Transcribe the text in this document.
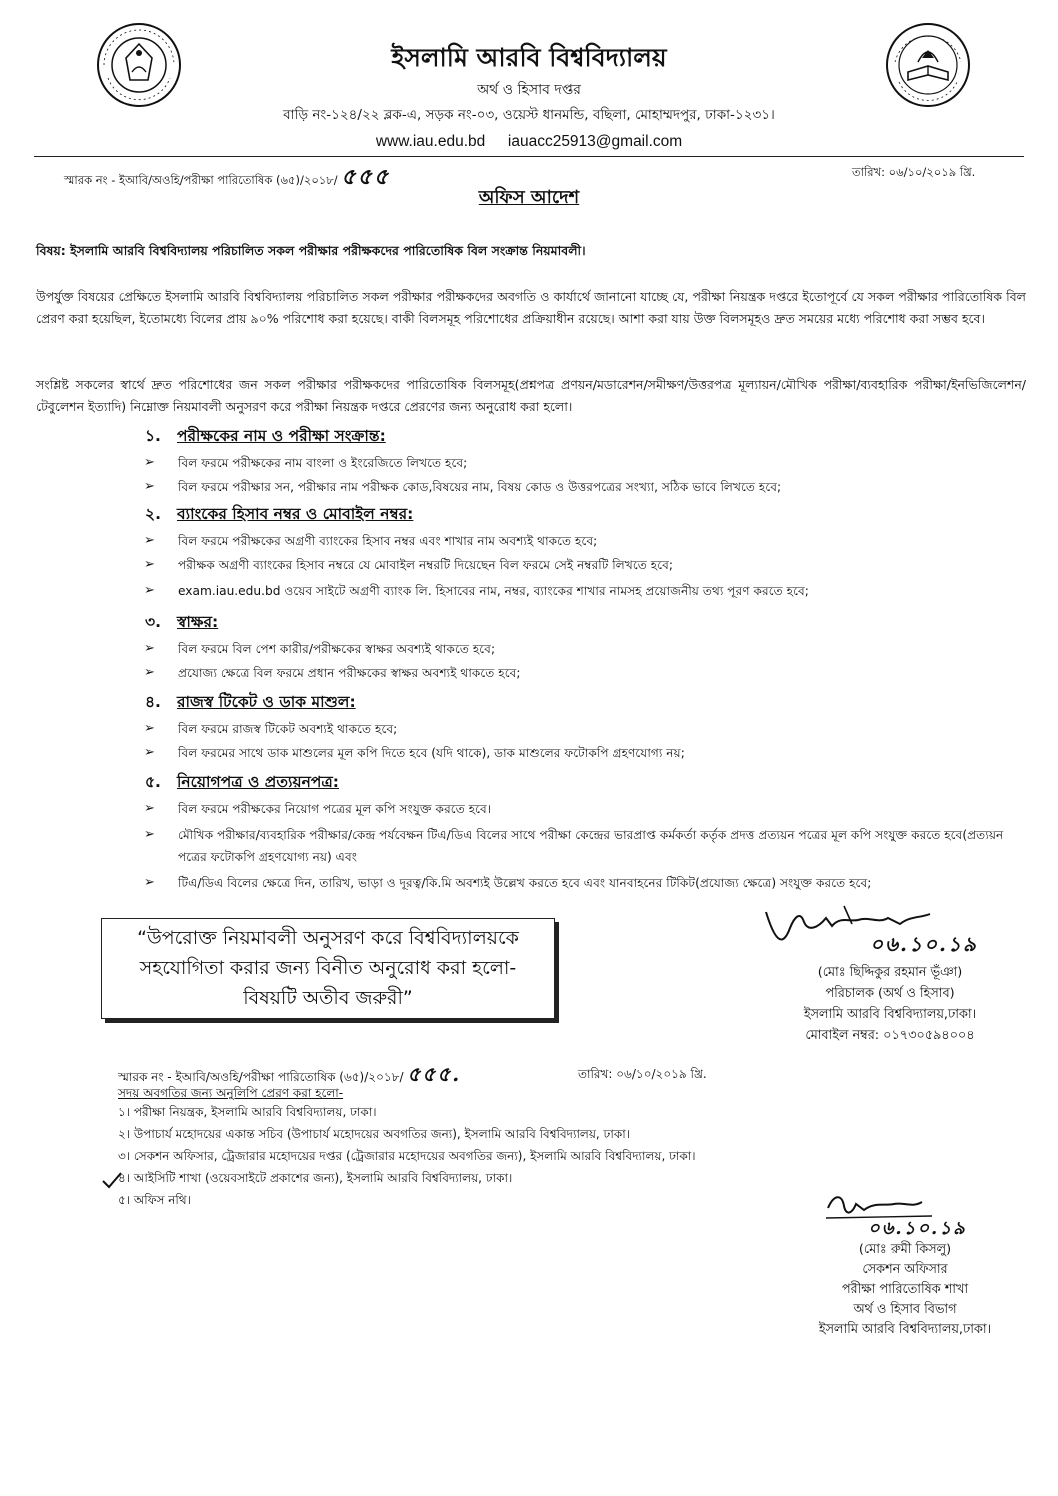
ইসলামি আরবি বিশ্ববিদ্যালয়
অর্থ ও হিসাব দপ্তর
বাড়ি নং-১২৪/২২ ব্লক-এ, সড়ক নং-০৩, ওয়েস্ট ধানমন্ডি, বছিলা, মোহাম্মদপুর, ঢাকা-১২৩১।
www.iau.edu.bd iauacc25913@gmail.com
স্মারক নং - ইআবি/অওহি/পরীক্ষা পারিতোষিক (৬৫)/২০১৮/ ৫৫৫	তারিখ: ০৬/১০/২০১৯ খ্রি.
অফিস আদেশ
বিষয়: ইসলামি আরবি বিশ্ববিদ্যালয় পরিচালিত সকল পরীক্ষার পরীক্ষকদের পারিতোষিক বিল সংক্রান্ত নিয়মাবলী।
উপর্যুক্ত বিষয়ের প্রেক্ষিতে ইসলামি আরবি বিশ্ববিদ্যালয় পরিচালিত সকল পরীক্ষার পরীক্ষকদের অবগতি ও কার্যার্থে জানানো যাচ্ছে যে, পরীক্ষা নিয়ন্ত্রক দপ্তরে ইতোপূর্বে যে সকল পরীক্ষার পারিতোষিক বিল প্রেরণ করা হয়েছিল, ইতোমধ্যে বিলের প্রায় ৯০% পরিশোধ করা হয়েছে। বাকী বিলসমূহ পরিশোধের প্রক্রিয়াধীন রয়েছে। আশা করা যায় উক্ত বিলসমূহও দ্রুত সময়ের মধ্যে পরিশোধ করা সম্ভব হবে।
সংশ্লিষ্ট সকলের স্বার্থে দ্রুত পরিশোধের জন সকল পরীক্ষার পরীক্ষকদের পারিতোষিক বিলসমূহ(প্রশ্নপত্র প্রণয়ন/মডারেশন/সমীক্ষণ/উত্তরপত্র মূল্যায়ন/মৌখিক পরীক্ষা/ব্যবহারিক পরীক্ষা/ইনভিজিলেশন/টেবুলেশন ইত্যাদি) নিম্নোক্ত নিয়মাবলী অনুসরণ করে পরীক্ষা নিয়ন্ত্রক দপ্তরে প্রেরণের জন্য অনুরোধ করা হলো।
১. পরীক্ষকের নাম ও পরীক্ষা সংক্রান্ত:
➢	বিল ফরমে পরীক্ষকের নাম বাংলা ও ইংরেজিতে লিখতে হবে;
➢	বিল ফরমে পরীক্ষার সন, পরীক্ষার নাম পরীক্ষক কোড,বিষয়ের নাম, বিষয় কোড ও উত্তরপত্রের সংখ্যা, সঠিক ভাবে লিখতে হবে;
২. ব্যাংকের হিসাব নম্বর ও মোবাইল নম্বর:
➢	বিল ফরমে পরীক্ষকের অগ্রণী ব্যাংকের হিসাব নম্বর এবং শাখার নাম অবশ্যই থাকতে হবে;
➢	পরীক্ষক অগ্রণী ব্যাংকের হিসাব নম্বরে যে মোবাইল নম্বরটি দিয়েছেন বিল ফরমে সেই নম্বরটি লিখতে হবে;
➢	exam.iau.edu.bd ওয়েব সাইটে অগ্রণী ব্যাংক লি. হিসাবের নাম, নম্বর, ব্যাংকের শাখার নামসহ প্রয়োজনীয় তথ্য পূরণ করতে হবে;
৩. স্বাক্ষর:
➢	বিল ফরমে বিল পেশ কারীর/পরীক্ষকের স্বাক্ষর অবশ্যই থাকতে হবে;
➢	প্রযোজ্য ক্ষেত্রে বিল ফরমে প্রধান পরীক্ষকের স্বাক্ষর অবশ্যই থাকতে হবে;
৪. রাজস্ব টিকেট ও ডাক মাশুল:
➢	বিল ফরমে রাজস্ব টিকেট অবশ্যই থাকতে হবে;
➢	বিল ফরমের সাথে ডাক মাশুলের মূল কপি দিতে হবে (যদি থাকে), ডাক মাশুলের ফটোকপি গ্রহণযোগ্য নয়;
৫. নিয়োগপত্র ও প্রত্যয়নপত্র:
➢	বিল ফরমে পরীক্ষকের নিয়োগ পত্রের মূল কপি সংযুক্ত করতে হবে।
➢	মৌখিক পরীক্ষার/ব্যবহারিক পরীক্ষার/কেন্দ্র পর্যবেক্ষন টিএ/ডিএ বিলের সাথে পরীক্ষা কেন্দ্রের ভারপ্রাপ্ত কর্মকর্তা কর্তৃক প্রদত্ত প্রত্যয়ন পত্রের মূল কপি সংযুক্ত করতে হবে(প্রত্যয়ন পত্রের ফটোকপি গ্রহণযোগ্য নয়) এবং
➢	টিএ/ডিএ বিলের ক্ষেত্রে দিন, তারিখ, ভাড়া ও দূরত্ব/কি.মি অবশ্যই উল্লেখ করতে হবে এবং যানবাহনের টিকিট(প্রযোজ্য ক্ষেত্রে) সংযুক্ত করতে হবে;
“উপরোক্ত নিয়মাবলী অনুসরণ করে বিশ্ববিদ্যালয়কে
সহযোগিতা করার জন্য বিনীত অনুরোধ করা হলো-
বিষয়টি অতীব জরুরী”
০৬.১০.১৯
(মোঃ ছিদ্দিকুর রহমান ভূঁঞা)
পরিচালক (অর্থ ও হিসাব)
ইসলামি আরবি বিশ্ববিদ্যালয়,ঢাকা।
মোবাইল নম্বর: ০১৭৩০৫৯৪০০৪
স্মারক নং - ইআবি/অওহি/পরীক্ষা পারিতোষিক (৬৫)/২০১৮/ ৫৫৫.	তারিখ: ০৬/১০/২০১৯ খ্রি.
সদয় অবগতির জন্য অনুলিপি প্রেরণ করা হলো-
১। পরীক্ষা নিয়ন্ত্রক, ইসলামি আরবি বিশ্ববিদ্যালয়, ঢাকা।
২। উপাচার্য মহোদয়ের একান্ত সচিব (উপাচার্য মহোদয়ের অবগতির জন্য), ইসলামি আরবি বিশ্ববিদ্যালয়, ঢাকা।
৩। সেকশন অফিসার, ট্রেজারার মহোদয়ের দপ্তর (ট্রেজারার মহোদয়ের অবগতির জন্য), ইসলামি আরবি বিশ্ববিদ্যালয়, ঢাকা।
৪। আইসিটি শাখা (ওয়েবসাইটে প্রকাশের জন্য), ইসলামি আরবি বিশ্ববিদ্যালয়, ঢাকা।
৫। অফিস নথি।
০৬.১০.১৯
(মোঃ রুমী কিসলু)
সেকশন অফিসার
পরীক্ষা পারিতোষিক শাখা
অর্থ ও হিসাব বিভাগ
ইসলামি আরবি বিশ্ববিদ্যালয়,ঢাকা।
